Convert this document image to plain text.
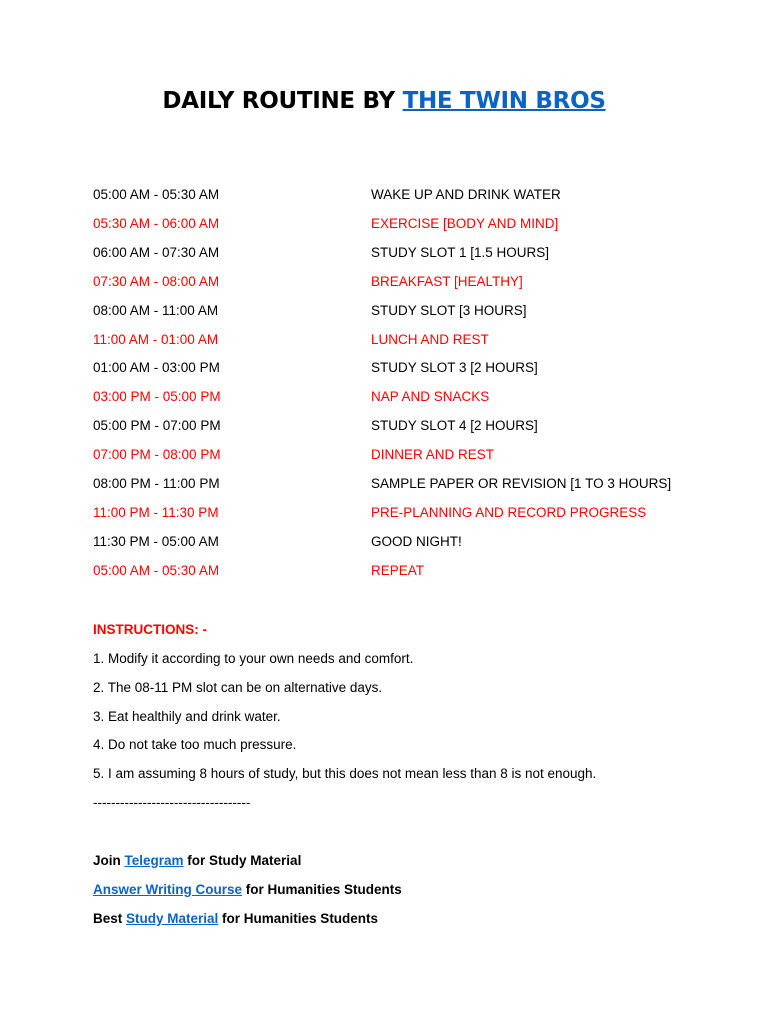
DAILY ROUTINE BY THE TWIN BROS
05:00 AM - 05:30 AM	WAKE UP AND DRINK WATER
05:30 AM - 06:00 AM	EXERCISE [BODY AND MIND]
06:00 AM - 07:30 AM	STUDY SLOT 1 [1.5 HOURS]
07:30 AM - 08:00 AM	BREAKFAST [HEALTHY]
08:00 AM - 11:00 AM	STUDY SLOT [3 HOURS]
11:00 AM - 01:00 AM	LUNCH AND REST
01:00 AM - 03:00 PM	STUDY SLOT 3 [2 HOURS]
03:00 PM - 05:00 PM	NAP AND SNACKS
05:00 PM - 07:00 PM	STUDY SLOT 4 [2 HOURS]
07:00 PM - 08:00 PM	DINNER AND REST
08:00 PM - 11:00 PM	SAMPLE PAPER OR REVISION [1 TO 3 HOURS]
11:00 PM - 11:30 PM	PRE-PLANNING AND RECORD PROGRESS
11:30 PM - 05:00 AM	GOOD NIGHT!
05:00 AM - 05:30 AM	REPEAT
INSTRUCTIONS: -
1. Modify it according to your own needs and comfort.
2. The 08-11 PM slot can be on alternative days.
3. Eat healthily and drink water.
4. Do not take too much pressure.
5. I am assuming 8 hours of study, but this does not mean less than 8 is not enough.
-----------------------------------
Join Telegram for Study Material
Answer Writing Course for Humanities Students
Best Study Material for Humanities Students
